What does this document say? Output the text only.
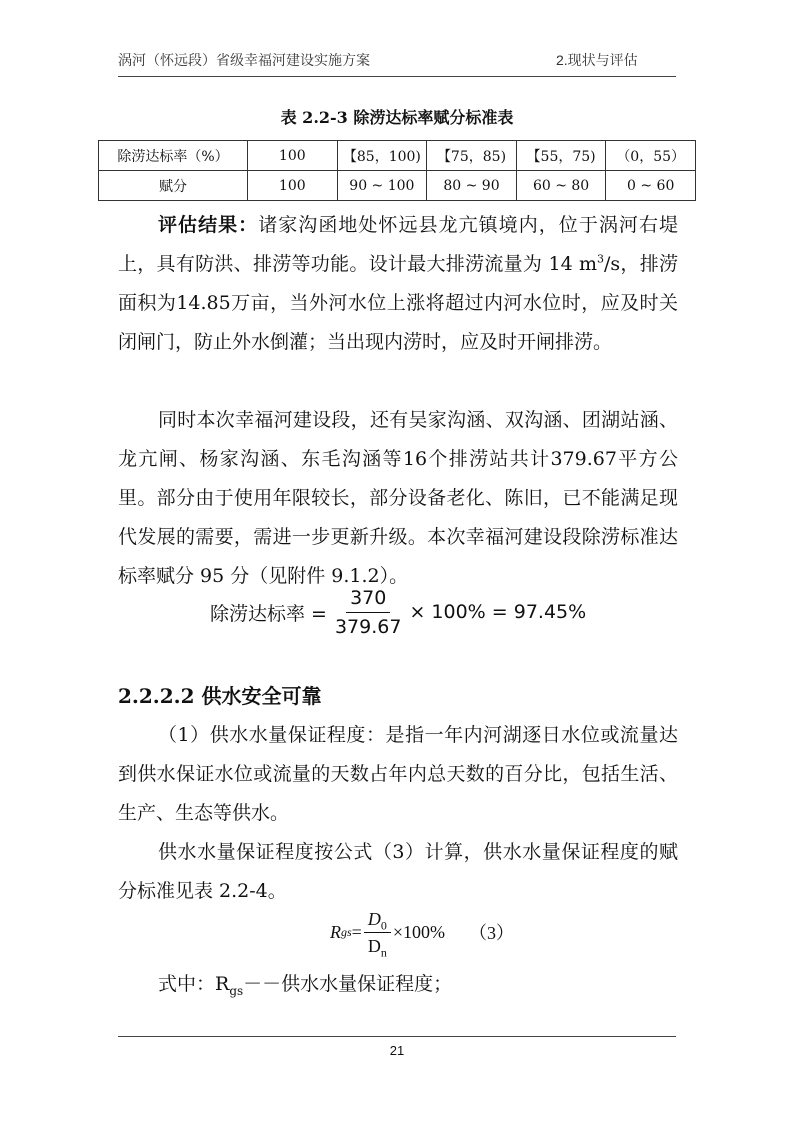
涡河（怀远段）省级幸福河建设实施方案	2.现状与评估
表 2.2-3 除涝达标率赋分标准表
除涝达标率（%）	100	【85，100)	【75，85)	【55，75)	（0，55）
赋分	100	90 ~ 100	80 ~ 90	60 ~ 80	0 ~ 60

评估结果：诸家沟函地处怀远县龙亢镇境内，位于涡河右堤上，具有防洪、排涝等功能。设计最大排涝流量为 14 $m^3/s$，排涝面积为14.85万亩，当外河水位上涨将超过内河水位时，应及时关闭闸门，防止外水倒灌；当出现内涝时，应及时开闸排涝。

同时本次幸福河建设段，还有吴家沟涵、双沟涵、团湖站涵、龙亢闸、杨家沟涵、东毛沟涵等16个排涝站共计379.67平方公里。部分由于使用年限较长，部分设备老化、陈旧，已不能满足现代发展的需要，需进一步更新升级。本次幸福河建设段除涝标准达标率赋分 95 分（见附件 9.1.2）。

除涝达标率 = $\frac{370}{379.67} \times 100\% = 97.45\%$
2.2.2.2 供水安全可靠

（1）供水水量保证程度：是指一年内河湖逐日水位或流量达到供水保证水位或流量的天数占年内总天数的百分比，包括生活、生产、生态等供水。

供水水量保证程度按公式（3）计算，供水水量保证程度的赋分标准见表 2.2-4。

R gs = $\frac{D_0}{D_n} \times 100\%$ （3）

式中：$R_{gs}--$供水水量保证程度；

21
